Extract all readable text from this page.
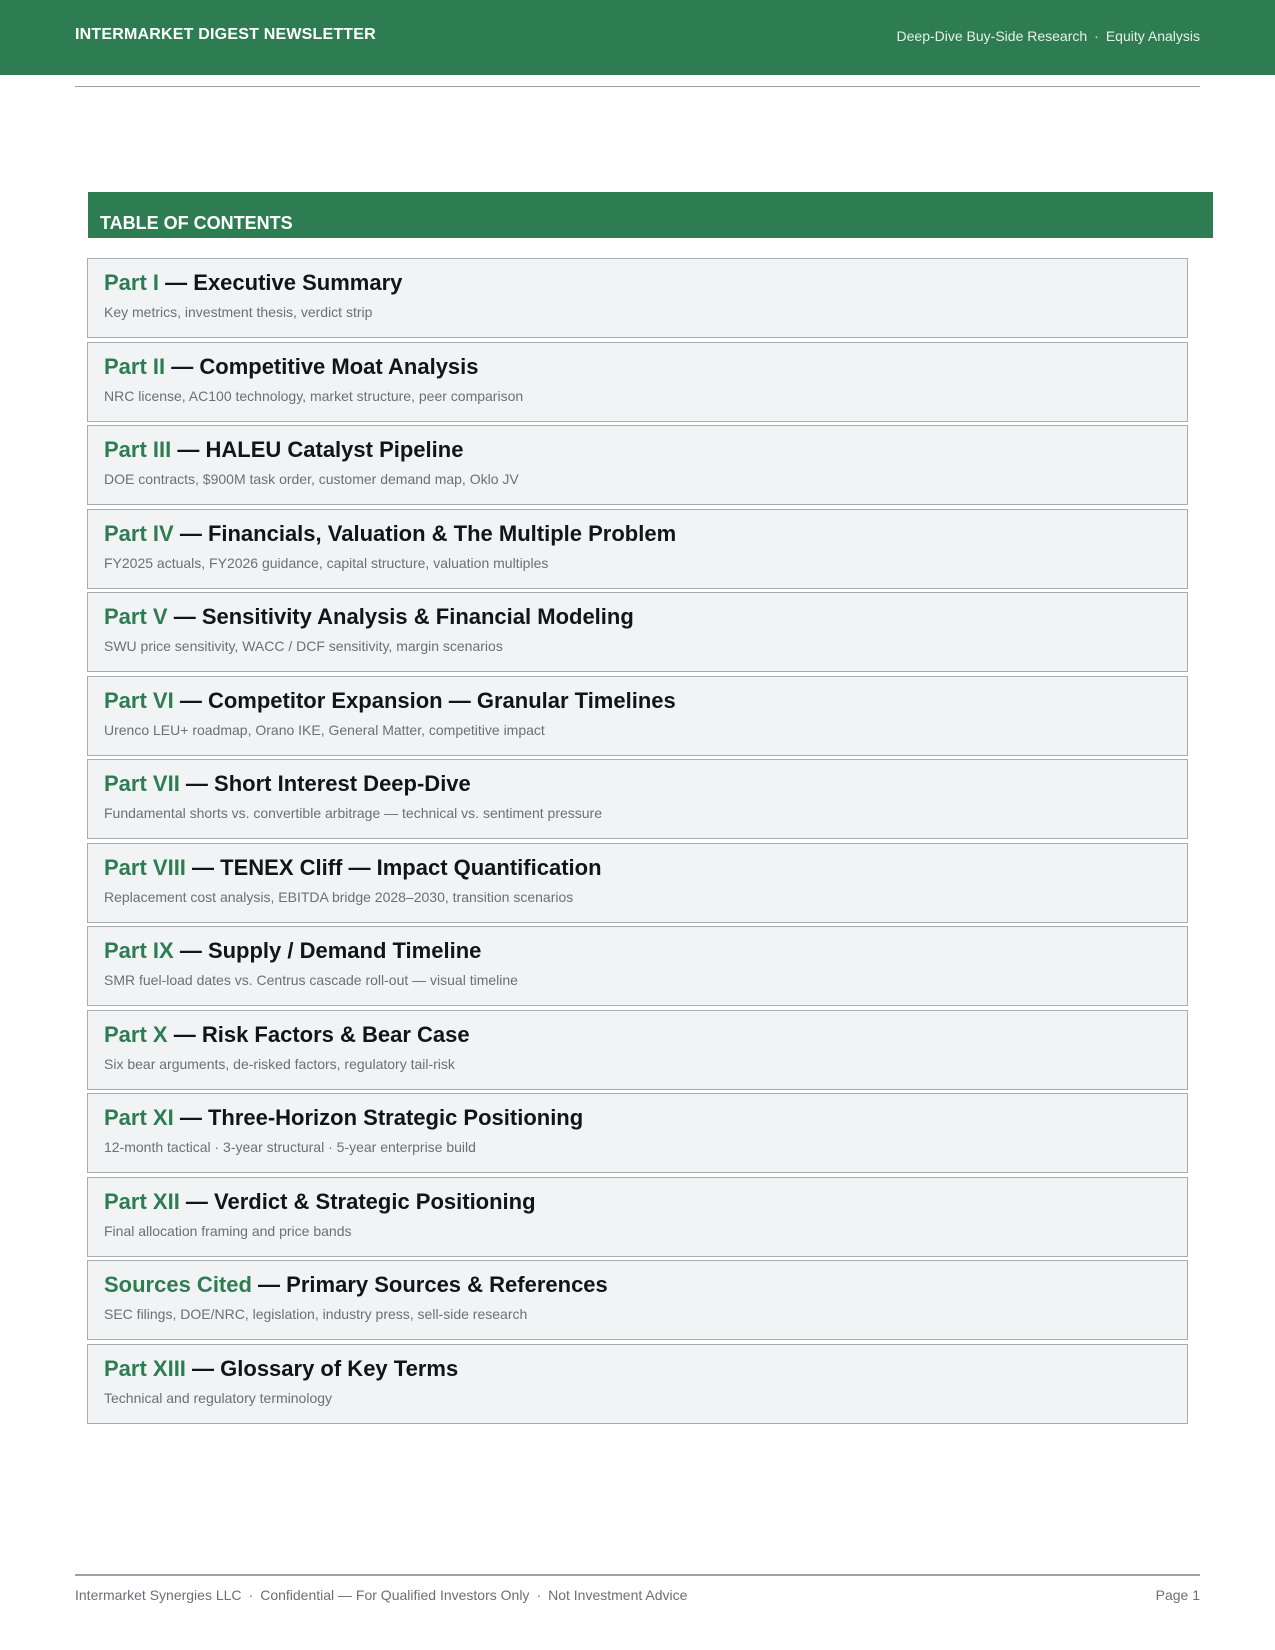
INTERMARKET DIGEST NEWSLETTER	Deep-Dive Buy-Side Research · Equity Analysis
TABLE OF CONTENTS
Part I — Executive Summary
Key metrics, investment thesis, verdict strip
Part II — Competitive Moat Analysis
NRC license, AC100 technology, market structure, peer comparison
Part III — HALEU Catalyst Pipeline
DOE contracts, $900M task order, customer demand map, Oklo JV
Part IV — Financials, Valuation & The Multiple Problem
FY2025 actuals, FY2026 guidance, capital structure, valuation multiples
Part V — Sensitivity Analysis & Financial Modeling
SWU price sensitivity, WACC / DCF sensitivity, margin scenarios
Part VI — Competitor Expansion — Granular Timelines
Urenco LEU+ roadmap, Orano IKE, General Matter, competitive impact
Part VII — Short Interest Deep-Dive
Fundamental shorts vs. convertible arbitrage — technical vs. sentiment pressure
Part VIII — TENEX Cliff — Impact Quantification
Replacement cost analysis, EBITDA bridge 2028–2030, transition scenarios
Part IX — Supply / Demand Timeline
SMR fuel-load dates vs. Centrus cascade roll-out — visual timeline
Part X — Risk Factors & Bear Case
Six bear arguments, de-risked factors, regulatory tail-risk
Part XI — Three-Horizon Strategic Positioning
12-month tactical · 3-year structural · 5-year enterprise build
Part XII — Verdict & Strategic Positioning
Final allocation framing and price bands
Sources Cited — Primary Sources & References
SEC filings, DOE/NRC, legislation, industry press, sell-side research
Part XIII — Glossary of Key Terms
Technical and regulatory terminology
Intermarket Synergies LLC · Confidential — For Qualified Investors Only · Not Investment Advice	Page 1
